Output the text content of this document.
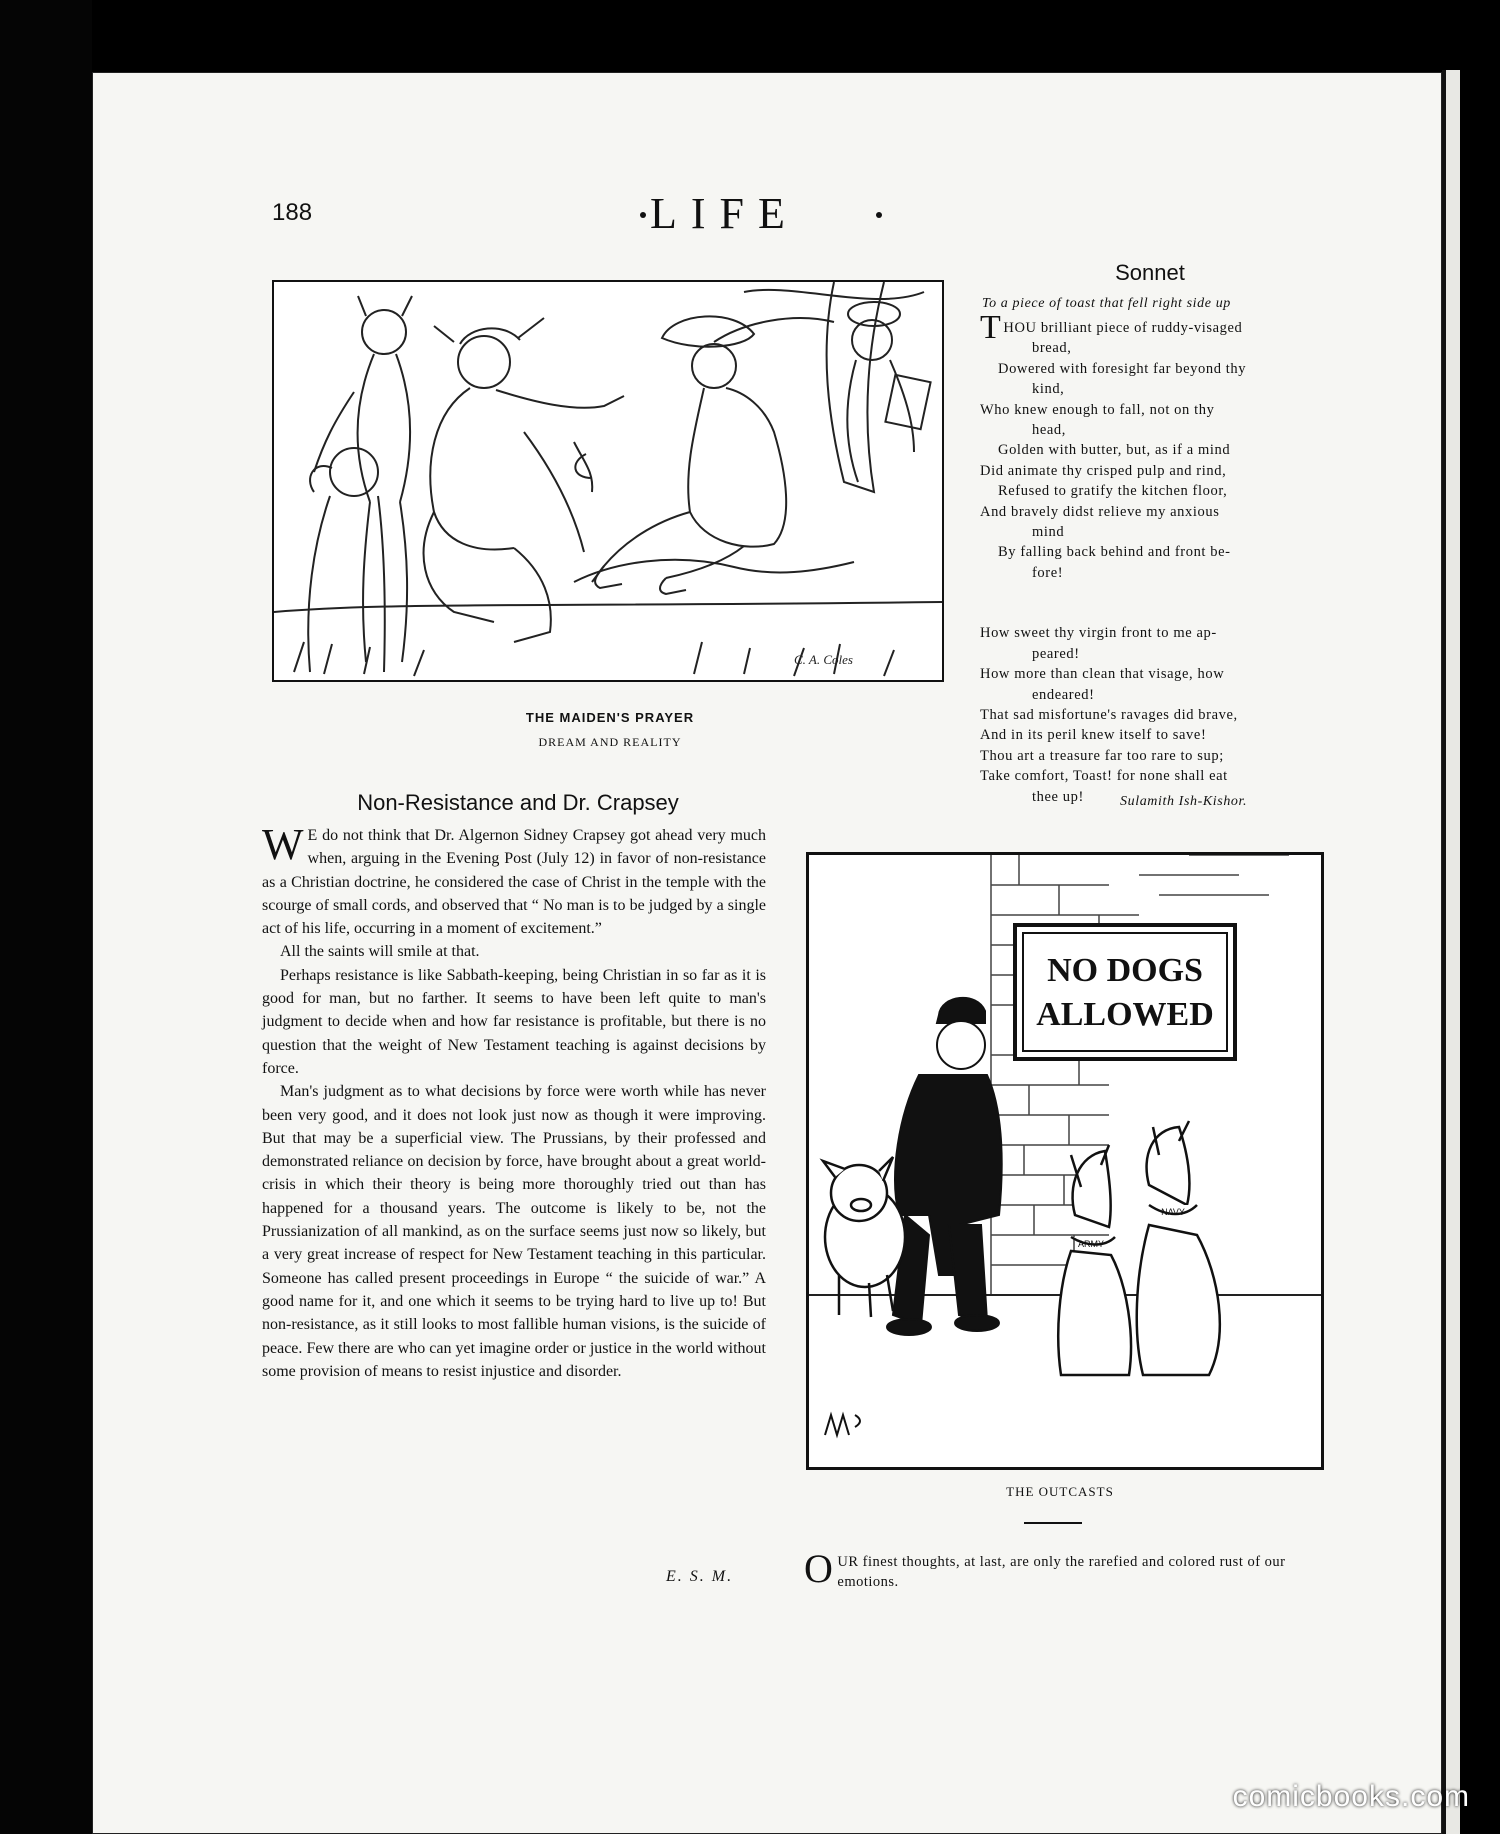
188	LIFE
C. A. Coles
THE MAIDEN'S PRAYER
DREAM AND REALITY
Non-Resistance and Dr. Crapsey

W E do not think that Dr. Algernon Sidney Crapsey got ahead very much when, arguing in the Evening Post (July 12) in favor of non-resistance as a Christian doctrine, he considered the case of Christ in the temple with the scourge of small cords, and observed that “ No man is to be judged by a single act of his life, occurring in a moment of excitement.”

All the saints will smile at that.

Perhaps resistance is like Sabbath-keeping, being Christian in so far as it is good for man, but no farther. It seems to have been left quite to man's judgment to decide when and how far resistance is profitable, but there is no question that the weight of New Testament teaching is against decisions by force.

Man's judgment as to what decisions by force were worth while has never been very good, and it does not look just now as though it were improving. But that may be a superficial view. The Prussians, by their professed and demonstrated reliance on decision by force, have brought about a great world-crisis in which their theory is being more thoroughly tried out than has happened for a thousand years. The outcome is likely to be, not the Prussianization of all mankind, as on the surface seems just now so likely, but a very great increase of respect for New Testament teaching in this particular. Someone has called present proceedings in Europe “ the suicide of war.” A good name for it, and one which it seems to be trying hard to live up to! But non-resistance, as it still looks to most fallible human visions, is the suicide of peace. Few there are who can yet imagine order or justice in the world without some provision of means to resist injustice and disorder.

E. S. M.
Sonnet
To a piece of toast that fell right side up
THOU brilliant piece of ruddy-visaged
bread,
Dowered with foresight far beyond thy
kind,
Who knew enough to fall, not on thy
head,
Golden with butter, but, as if a mind
Did animate thy crisped pulp and rind,
Refused to gratify the kitchen floor,
And bravely didst relieve my anxious
mind
By falling back behind and front be-
fore!
How sweet thy virgin front to me ap-
peared!
How more than clean that visage, how
endeared!
That sad misfortune's ravages did brave,
And in its peril knew itself to save!
Thou art a treasure far too rare to sup;
Take comfort, Toast! for none shall eat
thee up!	Sulamith Ish-Kishor.
NO DOGS
ALLOWED
ARMY
NAVY
THE OUTCASTS
OUR finest thoughts, at last, are only the rarefied and colored rust of our emotions.
comicbooks.com
